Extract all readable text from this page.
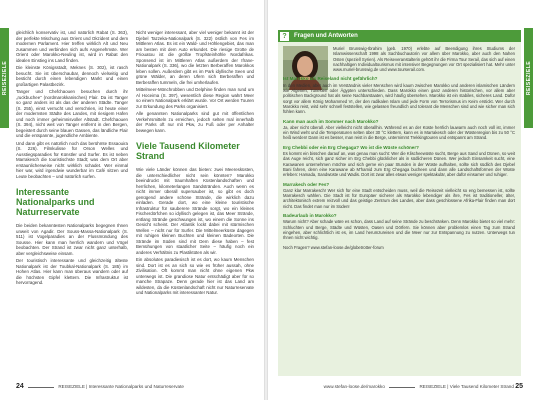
REISEZIELE

gleichlich konservativ ist, und natürlich Rabat (S. 363), der perfekte Mischung aus Orient und Okzident und dem modernen Parlament. Hier treffen wirklich Alt und Neu zusammen und verbinden sich aufs Angenehmste. Wer Orient oder Marokko-Neuling ist, wird in Rabat den idealen Einstieg ins Land finden.

Die kleinste Königsstadt, Meknes (S. 302), ist rasch besucht. Sie ist überschaubar, dennoch vielseitig und besticht durch einen lebendigen Markt und einen großartigen Palastbezirk.

Tanger und Chefchaouen besuchen durch ihr „ruckbuchee“ (nordmarokkanisches) Flair. Da ist Tanger so ganz anders ist als das der anderen Städte. Tanger (S. 255), einst verrucht und verschrien, ist heute einer der modernsten Städte des Landes, mit riesigem Hafen und noch immer geheimnisvoller Altstadt. Chefchaouen (S. 394), nicht weit von Tanger entfernt in den Bergen, begeistert durch seine blauen Gassen, das ländliche Flair und die entspannte, jugendliche Ambiente.

Und dann gibt es natürlich noch das berühmte Essaouira (S. 226). Filmkulisse für Orson Welles und Ausstiegsparadies für Künstler und Surfer. Es ist neben Marrakesch die touristischste Stadt; was dem Ort aber erstaunlicherweise nicht wirklich schadet. Wer einmal hier war, wird irgendwie wunderbar im Café sitzen und Leute beobachten – und natürlich surfen.

Interessante Nationalparks und Naturreservate

Die beiden bekanntesten Nationalparks begegnen Ihnen unweit von Agadir. Der Souss-Massa-Nationalpark (S. 511) ist Vogelparadies an der Flussmündung des Sousse. Hier kann man herrlich wandern und Vögel beobachten. Der Strand ist zwar nicht ganz unterhalb, aber vergleichsweise einsam.

Der touristisch interessante und gleichzeitig älteste Nationalpark ist der Toubkal-Nationalpark (S. 185) im Hohen Atlas. Hier kann man überaus wandern oder auf die höchsten Gipfel klettern. Die Infrastruktur ist hervorragend.

Nicht weniger interessant, aber viel weniger bekannt ist der Djebel Tazzeka-Nationalpark (S. 322) östlich von Fes im Mittleren Atlas. Es ist ein Wald- und Höhlengebiet, das man am besten mit dem Auto erkundet. Die riesige Grotte de Friouatou ist die größte Tropfsteinhöhle Nordafrikas. Sponsend ist im Mittleren Atlas außerdem der Ifrane-Nationalpark (S. 336), wo die letzten Berberaffen Marokkos leben sollen. Außerdem gibt es im Park idyllische Seen und grüne Wälder, an deren Ufern sich Berberaffen und Berberaffen tummeln, die frei umherlaufen.

Mittelmeer-Mönchrobben und Delphine finden man rund um Al Hoceima (S. 397), wesentlich diese Region wahrt Meer so einem Nationalpark erklärt wurde. Vor Ort werden Touren zur Erkundung des Parks organisiert.

Alle genannten Nationalparks sind gut mit öffentlichen Verkehrsmitteln zu erreichen, jedoch selten mal innerhalb der Parks oft nur mit Pkw, zu Fuß oder per Anhalter bewegen kann.

Viele Tausend Kilometer Strand

Wie viele Länder können das bieten: zwei Meeresküsten, die unterschiedlicher nicht sein könnten? Marokko beeindruckt mit traumhaften Küstenlandschaften und herrlichen, kilometerlangen Sandstränden. Auch wenn es nicht immer überall supersauber ist, so gibt es doch genügend andere schöne Strände, die wirklich dazu einladen. Gerade dort, wo eine kleine touristische Infrastruktur für sauberere Strände sorgt, wo ein kleines Fischerdörfchen so idyllisch gelegen ist, das Meer Strände, entlang Strände geschwungen ist, wo einem die Sonne ins Gesicht scheint. Der Atlantik lockt dabei mit stürmischen Wellen – nicht nur für Surfer. Die Mittelmeerküste dagegen mit ruhigen kleinen Buchten und kleinen Badeorten. Die Strände im Süden sind mit Dem diese haben – fest Bemühungen von staatlicher Seite – häufig noch ein anderes Verhältnis zu Plastiktüten als wir.

Ein absolutes paradiesisch ist es dort, wo kaum Menschen sind. Dort ist es an sich so wie es früher aussah, ohne Zivilisation. Oft kommt man nicht ohne eigenen Pkw unterwegs ist. Die grandiose Natur entschädigt aber für so manche Strapaze. Denn gerade hier ist das Land am wildesten, da die Küstenlandschaft nicht nur Naturreservate und Nationalparks mit interessanter Natur.

24	REISEZIELE | Interessante Nationalparks und Naturreservate
REISEZIELE
?	Fragen und Antworten

Muriel Brunswig-Ibrahim (geb. 1970) erlebte auf Beendigung ihres Studiums der Islamwissenschaft 1998 als Sachbuchautorin vor allem über Marokko, aber auch den Nahen Osten (speziell Syrien). Als Reiseveranstalterin gehört ihr die Firma Tour Serail, das sich auf einen nachhaltigen Individualtourismus mit intensiver Begegnungen vor Ort spezialisiert hat. Mehr unter www.muriel-brunswig.de und www.tourserail.com.

Ist Marokko als Reiseland nicht gefährlich?

In den Medien, aber auch im Verständnis vieler Menschen wird kaum zwischen Marokko und anderen islamischen Ländern wie Algerien, Tunesien oder Ägypten unterschieden. Dass Marokko einen ganz anderen historischen, vor allem aber politischen Background hat als seine Nachbarstaaten, wird häufig übersehen. Marokko ist ein stabiles, sicheres Land. Dafür sorgt vor allem König Mohammed VI, der den radikalen Islam und jede Form von Terrorismus im Keim erstickt. Wer durch Marokko reist, wird sehr schnell feststellen, wie gelassen freundlich und tolerant die Menschen sind und wie sicher man sich fühlen kann.

Kann man auch im Sommer nach Marokko?

Ja, aber nicht überall. Aber vielleicht nicht überallhin. Während es an der Küste herrlich lauwarm auch noch voll ist, immer ein Wind weht und die Temperaturen selten über 30 °C klettern, kann es in Marrakesch oder der Wüstenregion bis zu 50 °C heiß werden! Dann ist es besser, man reist in die Berge, unternimmt Trekkingtouren und entspannt am Strand.

Erg Chebbi oder ein Erg Chegaga? Wo ist die Wüste schöner?

Es kommt ein bisschen darauf an, was genau man sucht: Wer die Klischeewüste sucht, Berge aus Sand und Dünen, so weit das Auge reicht, sich ganz sicher im Erg Chebbi glücklicher als in südlicheren Dünen. Wer jedoch Einsamkeit sucht, eine Karawanen unternehmen möchte und sich gerne ein paar Stunden in der Wüste aufhalten, sollte sich südlich des Djebel Bani fahren, denn eine Karawane ab M'hamid zum Erg Chegaga bucheen und dann alle Landschaftsformen der Wüste erleben: Hamada, Sandwüste und Wadis. Dort ist zwar alles etwas weniger spektakulär, aber dafür einsamer und ruhiger.

Marrakech oder Fes?

Ganz klar Marrakesch! Wer sich für eine Stadt entscheiden muss, weil die Reisezeit vielleicht so eng bemessen ist, sollte Marrakesch wählen. Die Stadt ist für Europäer sicherer als Marokko lebendiger als ihre, Fes ist traditioneller, älter, architektonisch extrem reizvoll und das geistige Zentrum des Landes, aber dass geschlossene Afrika-Flair finden man dort nicht. Das findet man nur im Süden!

Badeurlaub in Marokko?

Warum nicht? Aber schade wäre es schon, dass Land auf seine Strände zu beschränken. Denn Marokko bietet so viel mehr: Schluchten und Berge, Städte und Wüsten, Oasen und Dörfern. Sie können aber problemlos einen Tag zum Strand eingehen, aber schlichtlich ist es, im Land herumzureisen und die Meer nur zur Entspannung zu nutzen. Unterwegs tun Ihnen nicht wichtig.

Noch Fragen? www.stefan-loose.de/globetrotter-forum

www.stefan-loose.de/marokko	REISEZIELE | Viele Tausend Kilometer Strand 25
